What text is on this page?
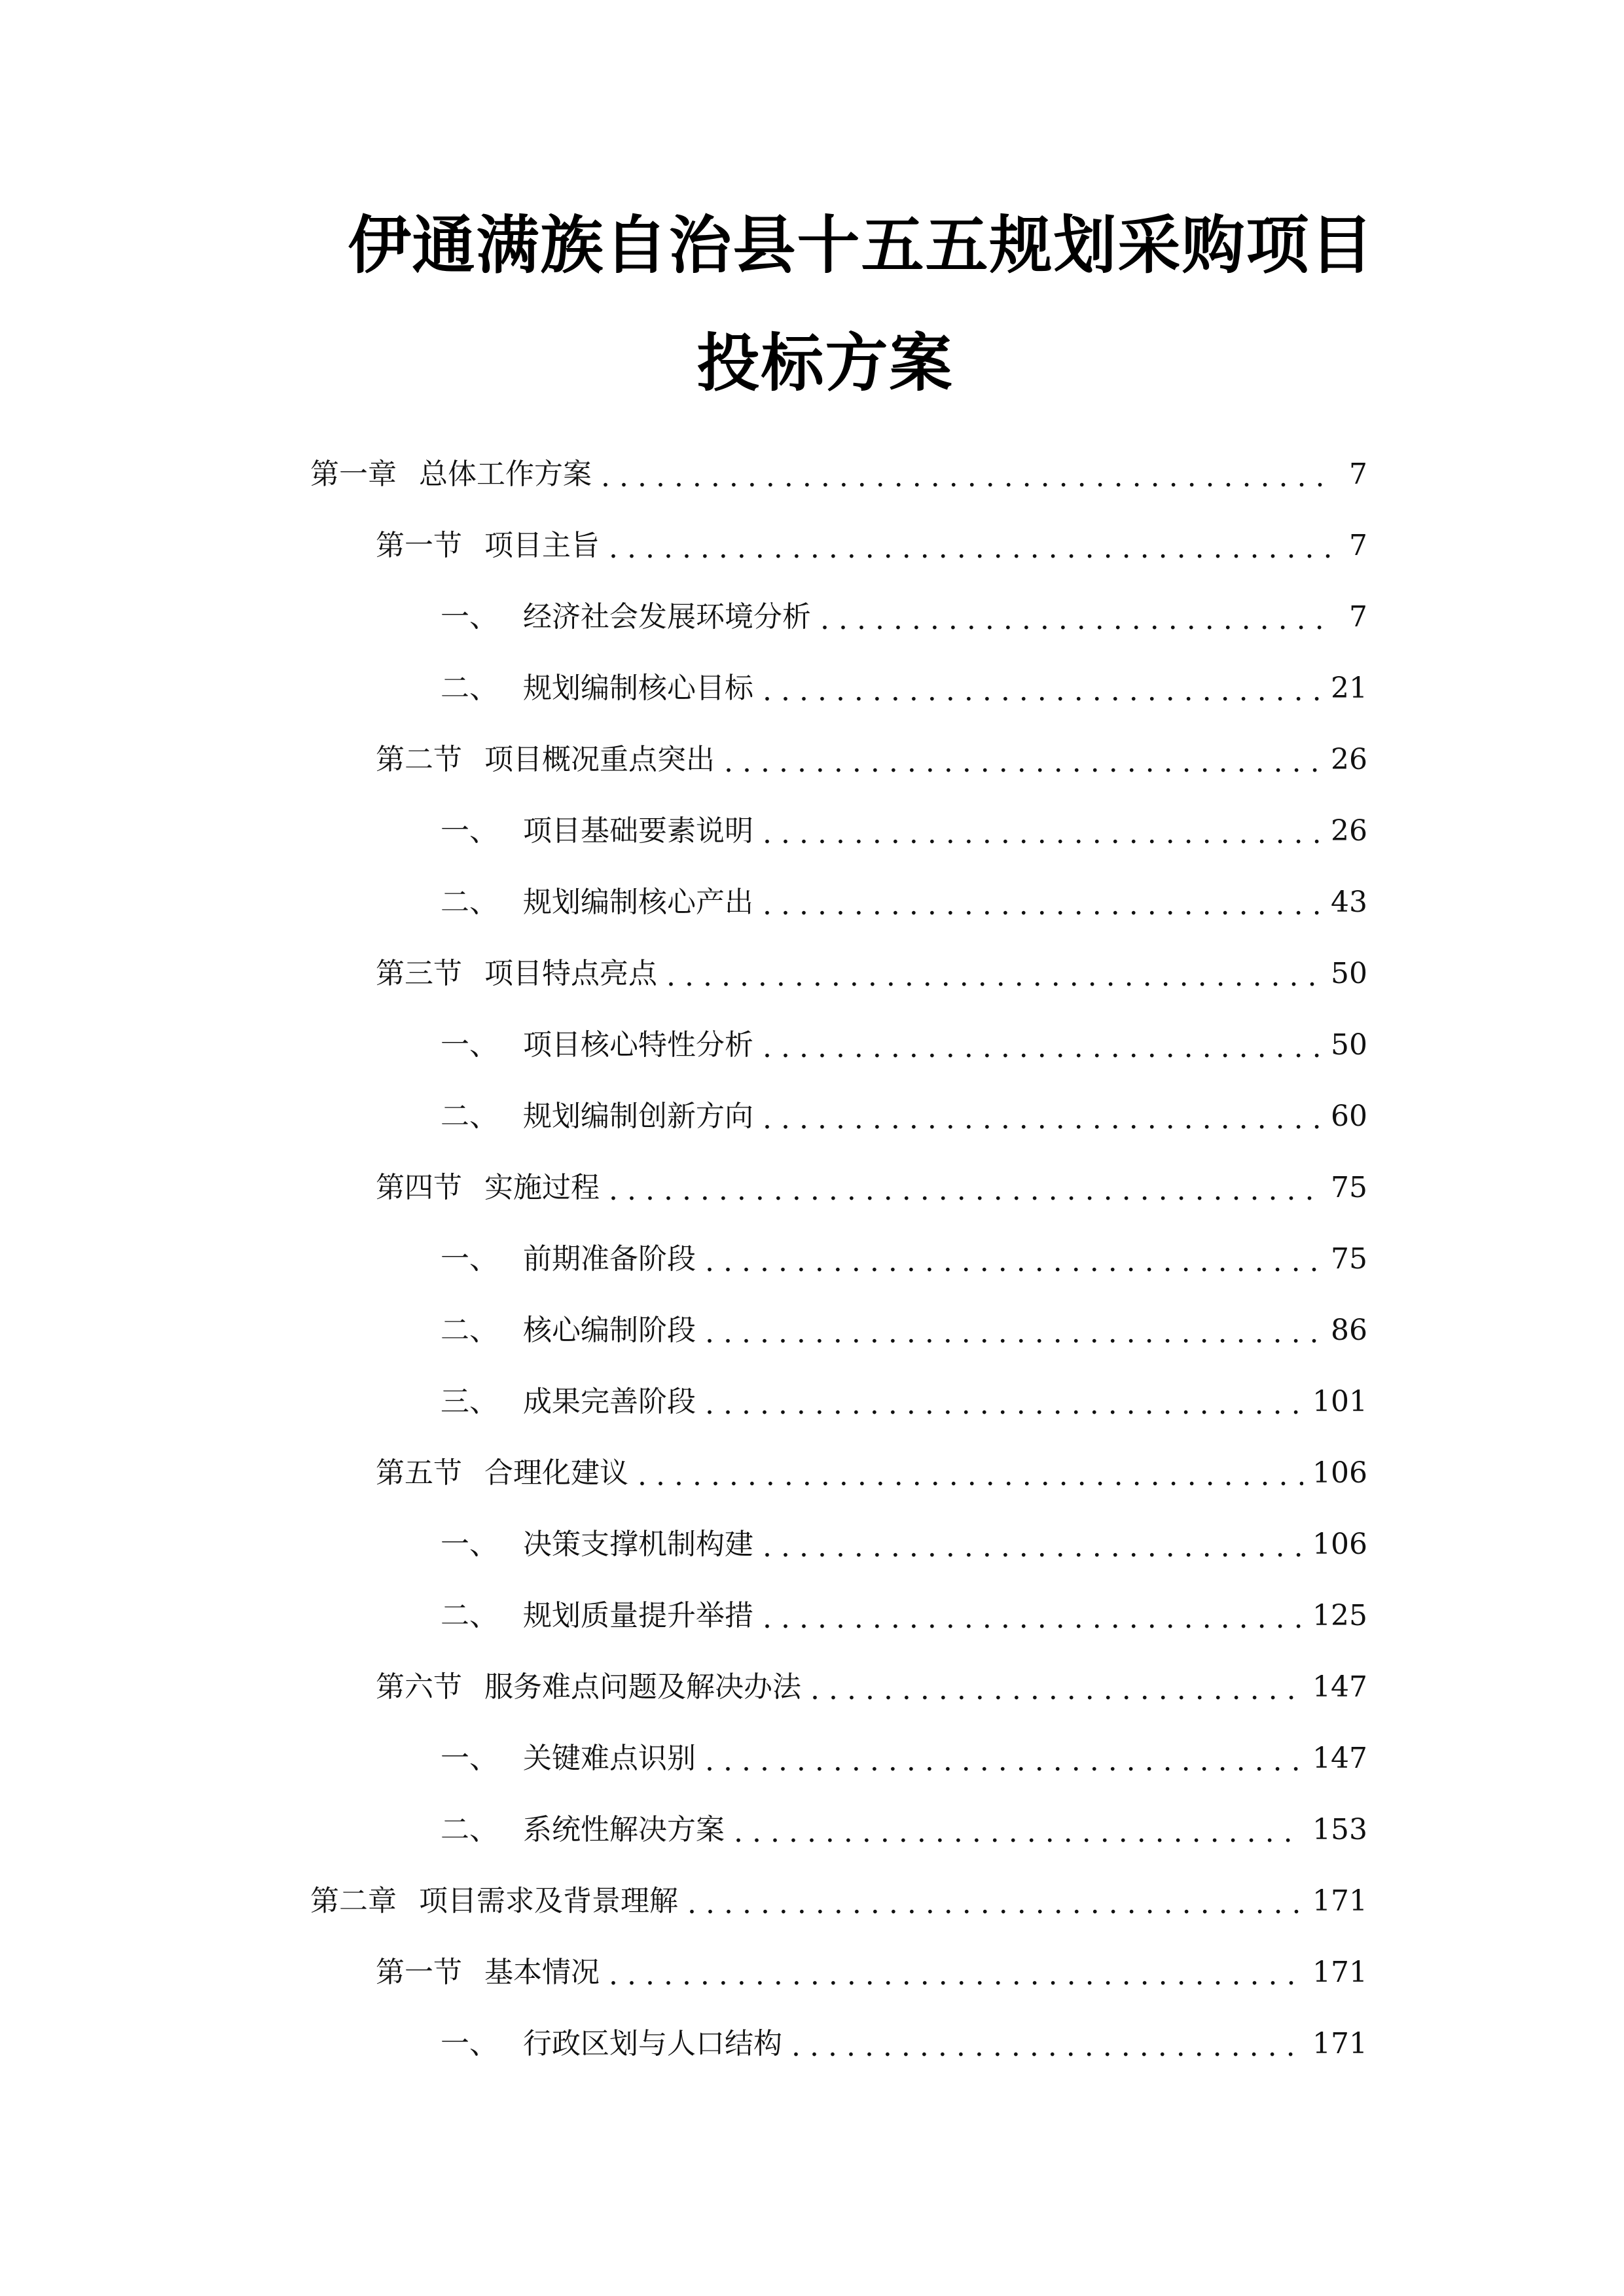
伊通满族自治县十五五规划采购项目
投标方案
第一章 总体工作方案 .....	7
第一节 项目主旨 .....	7
一、 经济社会发展环境分析 .....	7
二、 规划编制核心目标 .....	21
第二节 项目概况重点突出 .....	26
一、 项目基础要素说明 .....	26
二、 规划编制核心产出 .....	43
第三节 项目特点亮点 .....	50
一、 项目核心特性分析 .....	50
二、 规划编制创新方向 .....	60
第四节 实施过程 .....	75
一、 前期准备阶段 .....	75
二、 核心编制阶段 .....	86
三、 成果完善阶段 .....	101
第五节 合理化建议 .....	106
一、 决策支撑机制构建 .....	106
二、 规划质量提升举措 .....	125
第六节 服务难点问题及解决办法 .....	147
一、 关键难点识别 .....	147
二、 系统性解决方案 .....	153
第二章 项目需求及背景理解 .....	171
第一节 基本情况 .....	171
一、 行政区划与人口结构 .....	171
